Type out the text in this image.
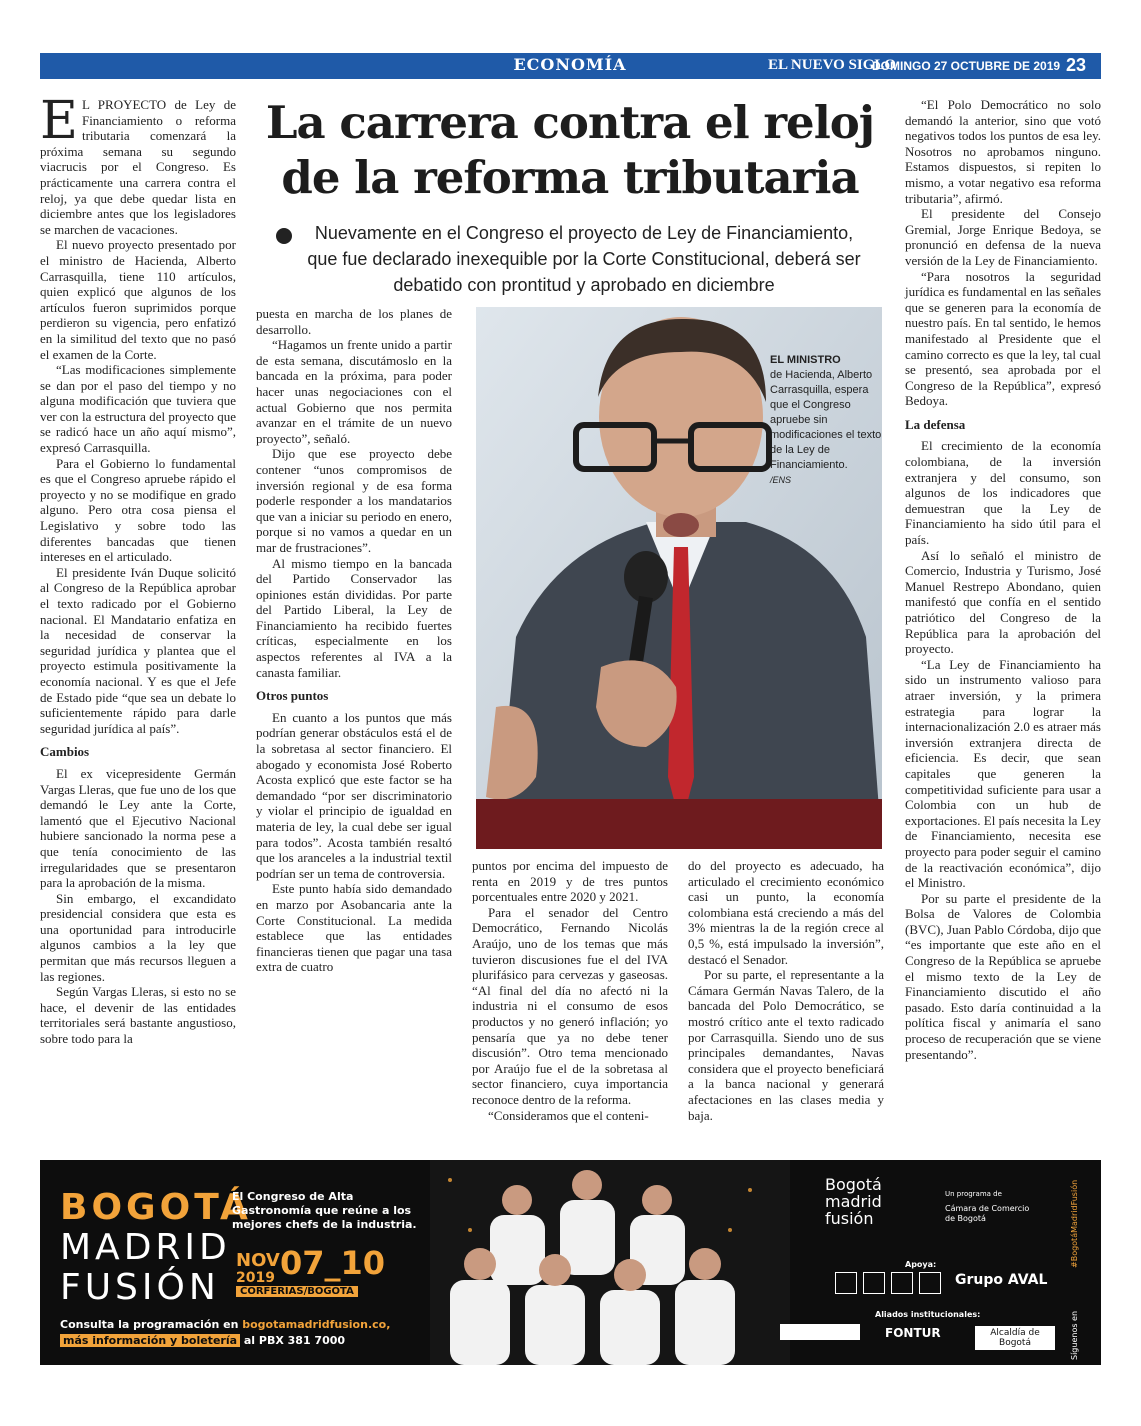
ECONOMÍA	EL NUEVO SIGLO
DOMINGO 27 OCTUBRE DE 2019 23
La carrera contra el reloj de la reforma tributaria

Nuevamente en el Congreso el proyecto de Ley de Financiamiento, que fue declarado inexequible por la Corte Constitucional, deberá ser debatido con prontitud y aprobado en diciembre

E L PROYECTO de Ley de Financiamiento o reforma tributaria comenzará la próxima semana su segundo viacrucis por el Congreso. Es prácticamente una carrera contra el reloj, ya que debe quedar lista en diciembre antes que los legisladores se marchen de vacaciones.

El nuevo proyecto presentado por el ministro de Hacienda, Alberto Carrasquilla, tiene 110 artículos, quien explicó que algunos de los artículos fueron suprimidos porque perdieron su vigencia, pero enfatizó en la similitud del texto que no pasó el examen de la Corte.

“Las modificaciones simplemente se dan por el paso del tiempo y no alguna modificación que tuviera que ver con la estructura del proyecto que se radicó hace un año aquí mismo”, expresó Carrasquilla.

Para el Gobierno lo fundamental es que el Congreso apruebe rápido el proyecto y no se modifique en grado alguno. Pero otra cosa piensa el Legislativo y sobre todo las diferentes bancadas que tienen intereses en el articulado.

El presidente Iván Duque solicitó al Congreso de la República aprobar el texto radicado por el Gobierno nacional. El Mandatario enfatiza en la necesidad de conservar la seguridad jurídica y plantea que el proyecto estimula positivamente la economía nacional. Y es que el Jefe de Estado pide “que sea un debate lo suficientemente rápido para darle seguridad jurídica al país”.

Cambios

El ex vicepresidente Germán Vargas Lleras, que fue uno de los que demandó le Ley ante la Corte, lamentó que el Ejecutivo Nacional hubiere sancionado la norma pese a que tenía conocimiento de las irregularidades que se presentaron para la aprobación de la misma.

Sin embargo, el excandidato presidencial considera que esta es una oportunidad para introducirle algunos cambios a la ley que permitan que más recursos lleguen a las regiones.

Según Vargas Lleras, si esto no se hace, el devenir de las entidades territoriales será bastante angustioso, sobre todo para la

puesta en marcha de los planes de desarrollo.

“Hagamos un frente unido a partir de esta semana, discutámoslo en la bancada en la próxima, para poder hacer unas negociaciones con el actual Gobierno que nos permita avanzar en el trámite de un nuevo proyecto”, señaló.

Dijo que ese proyecto debe contener “unos compromisos de inversión regional y de esa forma poderle responder a los mandatarios que van a iniciar su periodo en enero, porque si no vamos a quedar en un mar de frustraciones”.

Al mismo tiempo en la bancada del Partido Conservador las opiniones están divididas. Por parte del Partido Liberal, la Ley de Financiamiento ha recibido fuertes críticas, especialmente en los aspectos referentes al IVA a la canasta familiar.

Otros puntos

En cuanto a los puntos que más podrían generar obstáculos está el de la sobretasa al sector financiero. El abogado y economista José Roberto Acosta explicó que este factor se ha demandado “por ser discriminatorio y violar el principio de igualdad en materia de ley, la cual debe ser igual para todos”. Acosta también resaltó que los aranceles a la industrial textil podrían ser un tema de controversia.

Este punto había sido demandado en marzo por Asobancaria ante la Corte Constitucional. La medida establece que las entidades financieras tienen que pagar una tasa extra de cuatro

EL MINISTRO
de Hacienda, Alberto Carrasquilla, espera que el Congreso apruebe sin modificaciones el texto de la Ley de Financiamiento.
/ENS

puntos por encima del impuesto de renta en 2019 y de tres puntos porcentuales entre 2020 y 2021.

Para el senador del Centro Democrático, Fernando Nicolás Araújo, uno de los temas que más tuvieron discusiones fue el del IVA plurifásico para cervezas y gaseosas. “Al final del día no afectó ni la industria ni el consumo de esos productos y no generó inflación; yo pensaría que ya no debe tener discusión”. Otro tema mencionado por Araújo fue el de la sobretasa al sector financiero, cuya importancia reconoce dentro de la reforma.

“Consideramos que el conteni-

do del proyecto es adecuado, ha articulado el crecimiento económico casi un punto, la economía colombiana está creciendo a más del 3% mientras la de la región crece al 0,5 %, está impulsado la inversión”, destacó el Senador.

Por su parte, el representante a la Cámara Germán Navas Talero, de la bancada del Polo Democrático, se mostró crítico ante el texto radicado por Carrasquilla. Siendo uno de sus principales demandantes, Navas considera que el proyecto beneficiará a la banca nacional y generará afectaciones en las clases media y baja.

“El Polo Democrático no solo demandó la anterior, sino que votó negativos todos los puntos de esa ley. Nosotros no aprobamos ninguno. Estamos dispuestos, si repiten lo mismo, a votar negativo esa reforma tributaria”, afirmó.

El presidente del Consejo Gremial, Jorge Enrique Bedoya, se pronunció en defensa de la nueva versión de la Ley de Financiamiento.

“Para nosotros la seguridad jurídica es fundamental en las señales que se generen para la economía de nuestro país. En tal sentido, le hemos manifestado al Presidente que el camino correcto es que la ley, tal cual se presentó, sea aprobada por el Congreso de la República”, expresó Bedoya.

La defensa

El crecimiento de la economía colombiana, de la inversión extranjera y del consumo, son algunos de los indicadores que demuestran que la Ley de Financiamiento ha sido útil para el país.

Así lo señaló el ministro de Comercio, Industria y Turismo, José Manuel Restrepo Abondano, quien manifestó que confía en el sentido patriótico del Congreso de la República para la aprobación del proyecto.

“La Ley de Financiamiento ha sido un instrumento valioso para atraer inversión, y la primera estrategia para lograr la internacionalización 2.0 es atraer más inversión extranjera directa de eficiencia. Es decir, que sean capitales que generen la competitividad suficiente para usar a Colombia con un hub de exportaciones. El país necesita la Ley de Financiamiento, necesita ese proyecto para poder seguir el camino de la reactivación económica”, dijo el Ministro.

Por su parte el presidente de la Bolsa de Valores de Colombia (BVC), Juan Pablo Córdoba, dijo que “es importante que este año en el Congreso de la República se apruebe el mismo texto de la Ley de Financiamiento discutido el año pasado. Esto daría continuidad a la política fiscal y animaría el sano proceso de recuperación que se viene presentando”.

BOGOTÁ
MADRID
FUSIÓN
El Congreso de Alta Gastronomía que reúne a los mejores chefs de la industria.
NOV
2019 07_10
CORFERIAS/BOGOTÁ
Consulta la programación en bogotamadridfusion.co,
más información y boletería al PBX 381 7000
Bogotá madrid fusión
Un programa de
Cámara de Comercio de Bogotá
Apoya:
Grupo AVAL
Aliados institucionales:
FONTUR	Alcaldía de Bogotá	Síguenos en #BogotáMadridFusión
